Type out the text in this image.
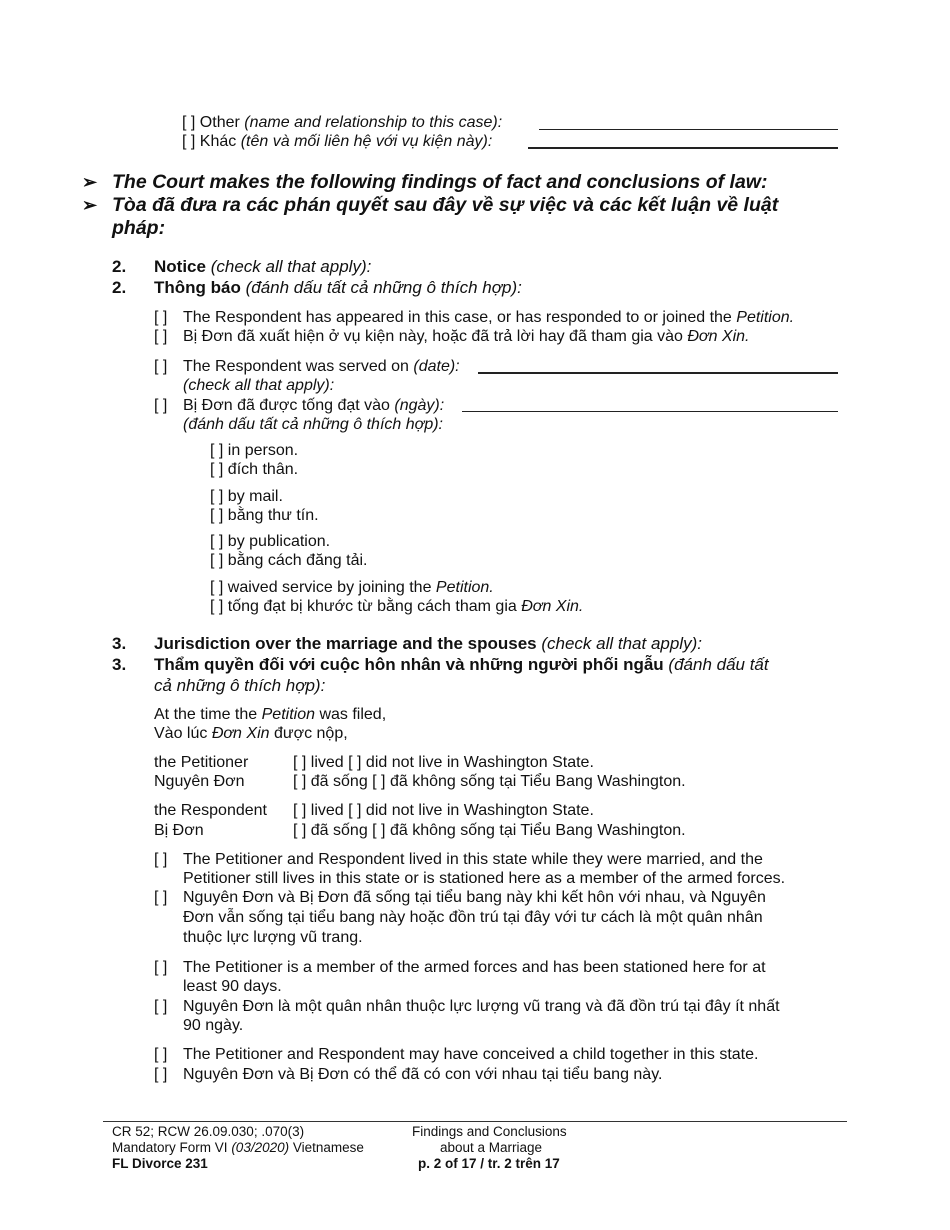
[ ] Other (name and relationship to this case):
[ ] Khác (tên và mối liên hệ với vụ kiện này):
➢ The Court makes the following findings of fact and conclusions of law:
➢ Tòa đã đưa ra các phán quyết sau đây về sự việc và các kết luận về luật
pháp:
2. Notice (check all that apply):
2. Thông báo (đánh dấu tất cả những ô thích hợp):
[ ] The Respondent has appeared in this case, or has responded to or joined the Petition.
[ ] Bị Đơn đã xuất hiện ở vụ kiện này, hoặc đã trả lời hay đã tham gia vào Đơn Xin.
[ ] The Respondent was served on (date):
(check all that apply):
[ ] Bị Đơn đã được tống đạt vào (ngày):
(đánh dấu tất cả những ô thích hợp):
[ ] in person.
[ ] đích thân.
[ ] by mail.
[ ] bằng thư tín.
[ ] by publication.
[ ] bằng cách đăng tải.
[ ] waived service by joining the Petition.
[ ] tống đạt bị khước từ bằng cách tham gia Đơn Xin.
3. Jurisdiction over the marriage and the spouses (check all that apply):
3. Thẩm quyền đối với cuộc hôn nhân và những người phối ngẫu (đánh dấu tất
cả những ô thích hợp):
At the time the Petition was filed,
Vào lúc Đơn Xin được nộp,
the Petitioner	[ ] lived [ ] did not live in Washington State.
Nguyên Đơn	[ ] đã sống [ ] đã không sống tại Tiểu Bang Washington.
the Respondent [ ] lived [ ] did not live in Washington State.
Bị Đơn	[ ] đã sống [ ] đã không sống tại Tiểu Bang Washington.
[ ] The Petitioner and Respondent lived in this state while they were married, and the
Petitioner still lives in this state or is stationed here as a member of the armed forces.
[ ] Nguyên Đơn và Bị Đơn đã sống tại tiểu bang này khi kết hôn với nhau, và Nguyên
Đơn vẫn sống tại tiểu bang này hoặc đồn trú tại đây với tư cách là một quân nhân
thuộc lực lượng vũ trang.
[ ] The Petitioner is a member of the armed forces and has been stationed here for at
least 90 days.
[ ] Nguyên Đơn là một quân nhân thuộc lực lượng vũ trang và đã đồn trú tại đây ít nhất
90 ngày.
[ ] The Petitioner and Respondent may have conceived a child together in this state.
[ ] Nguyên Đơn và Bị Đơn có thể đã có con với nhau tại tiểu bang này.
CR 52; RCW 26.09.030; .070(3)
Mandatory Form VI (03/2020) Vietnamese
FL Divorce 231
Findings and Conclusions
about a Marriage
p. 2 of 17 / tr. 2 trên 17
